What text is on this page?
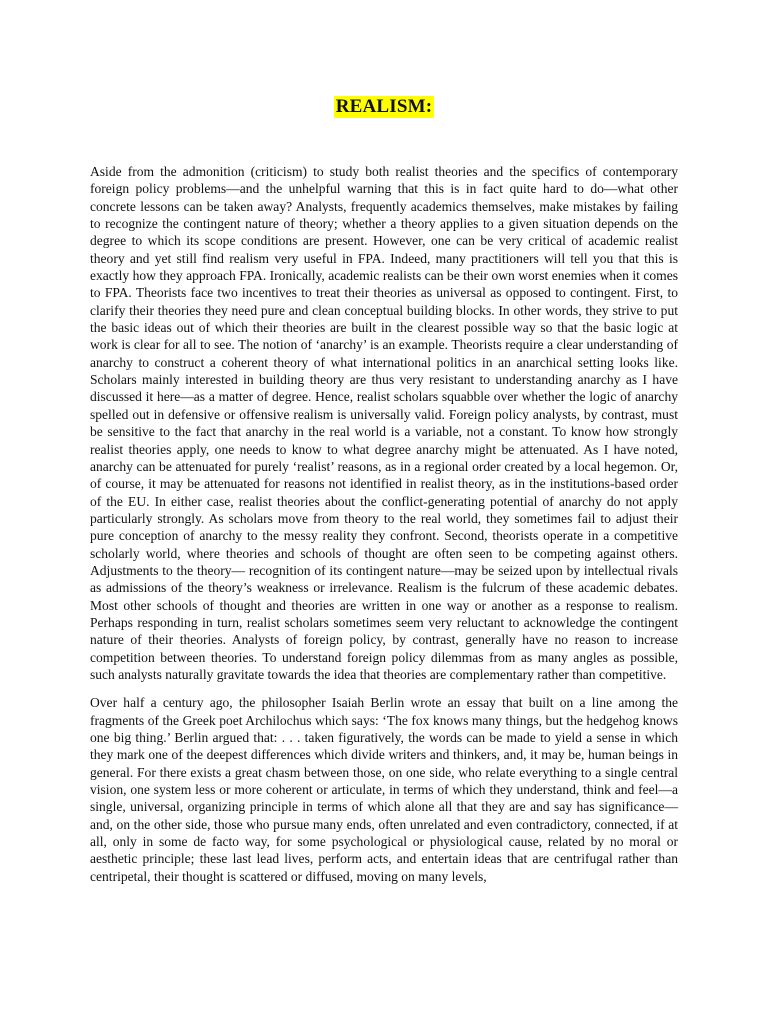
REALISM:

Aside from the admonition (criticism) to study both realist theories and the specifics of contemporary foreign policy problems—and the unhelpful warning that this is in fact quite hard to do—what other concrete lessons can be taken away? Analysts, frequently academics themselves, make mistakes by failing to recognize the contingent nature of theory; whether a theory applies to a given situation depends on the degree to which its scope conditions are present. However, one can be very critical of academic realist theory and yet still find realism very useful in FPA. Indeed, many practitioners will tell you that this is exactly how they approach FPA. Ironically, academic realists can be their own worst enemies when it comes to FPA. Theorists face two incentives to treat their theories as universal as opposed to contingent. First, to clarify their theories they need pure and clean conceptual building blocks. In other words, they strive to put the basic ideas out of which their theories are built in the clearest possible way so that the basic logic at work is clear for all to see. The notion of ‘anarchy’ is an example. Theorists require a clear understanding of anarchy to construct a coherent theory of what international politics in an anarchical setting looks like. Scholars mainly interested in building theory are thus very resistant to understanding anarchy as I have discussed it here—as a matter of degree. Hence, realist scholars squabble over whether the logic of anarchy spelled out in defensive or offensive realism is universally valid. Foreign policy analysts, by contrast, must be sensitive to the fact that anarchy in the real world is a variable, not a constant. To know how strongly realist theories apply, one needs to know to what degree anarchy might be attenuated. As I have noted, anarchy can be attenuated for purely ‘realist’ reasons, as in a regional order created by a local hegemon. Or, of course, it may be attenuated for reasons not identified in realist theory, as in the institutions-based order of the EU. In either case, realist theories about the conflict-generating potential of anarchy do not apply particularly strongly. As scholars move from theory to the real world, they sometimes fail to adjust their pure conception of anarchy to the messy reality they confront. Second, theorists operate in a competitive scholarly world, where theories and schools of thought are often seen to be competing against others. Adjustments to the theory— recognition of its contingent nature—may be seized upon by intellectual rivals as admissions of the theory’s weakness or irrelevance. Realism is the fulcrum of these academic debates. Most other schools of thought and theories are written in one way or another as a response to realism. Perhaps responding in turn, realist scholars sometimes seem very reluctant to acknowledge the contingent nature of their theories. Analysts of foreign policy, by contrast, generally have no reason to increase competition between theories. To understand foreign policy dilemmas from as many angles as possible, such analysts naturally gravitate towards the idea that theories are complementary rather than competitive.

Over half a century ago, the philosopher Isaiah Berlin wrote an essay that built on a line among the fragments of the Greek poet Archilochus which says: ‘The fox knows many things, but the hedgehog knows one big thing.’ Berlin argued that: . . . taken figuratively, the words can be made to yield a sense in which they mark one of the deepest differences which divide writers and thinkers, and, it may be, human beings in general. For there exists a great chasm between those, on one side, who relate everything to a single central vision, one system less or more coherent or articulate, in terms of which they understand, think and feel—a single, universal, organizing principle in terms of which alone all that they are and say has significance—and, on the other side, those who pursue many ends, often unrelated and even contradictory, connected, if at all, only in some de facto way, for some psychological or physiological cause, related by no moral or aesthetic principle; these last lead lives, perform acts, and entertain ideas that are centrifugal rather than centripetal, their thought is scattered or diffused, moving on many levels,
